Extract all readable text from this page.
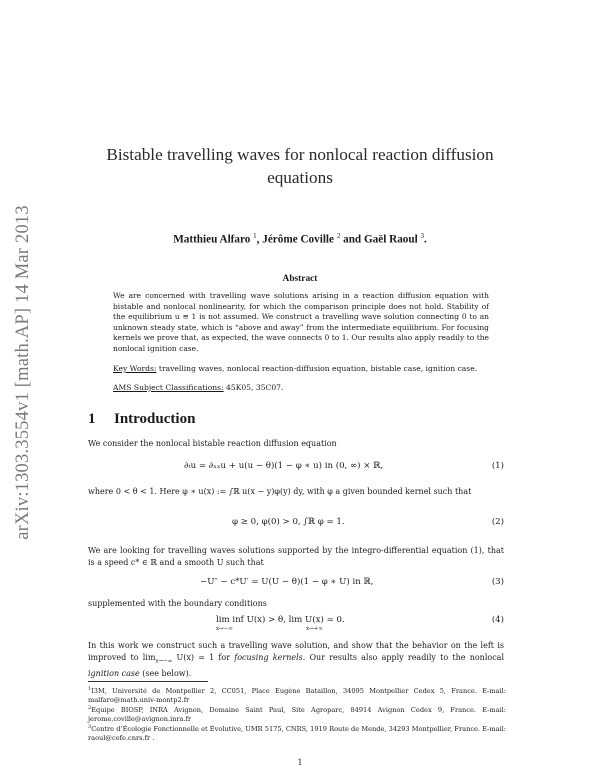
arXiv:1303.3554v1 [math.AP] 14 Mar 2013
Bistable travelling waves for nonlocal reaction diffusion equations
Matthieu Alfaro $^1$, Jérôme Coville $^2$ and Gaël Raoul $^3$.
Abstract
We are concerned with travelling wave solutions arising in a reaction diffusion equation with bistable and nonlocal nonlinearity, for which the comparison principle does not hold. Stability of the equilibrium u ≡ 1 is not assumed. We construct a travelling wave solution connecting 0 to an unknown steady state, which is “above and away” from the intermediate equilibrium. For focusing kernels we prove that, as expected, the wave connects 0 to 1. Our results also apply readily to the nonlocal ignition case.
Key Words: travelling waves, nonlocal reaction-diffusion equation, bistable case, ignition case.
AMS Subject Classifications: 45K05, 35C07.
1 Introduction
We consider the nonlocal bistable reaction diffusion equation
∂ₜu = ∂ₓₓu + u(u − θ)(1 − φ ∗ u) in (0, ∞) × ℝ,	(1)
where 0 < θ < 1. Here φ ∗ u(x) := ∫ℝ u(x − y)φ(y) dy, with φ a given bounded kernel such that
φ ≥ 0, φ(0) > 0, ∫ℝ φ = 1.	(2)
We are looking for travelling waves solutions supported by the integro-differential equation (1), that is a speed c* ∈ ℝ and a smooth U such that
−U″ − c*U′ = U(U − θ)(1 − φ ∗ U) in ℝ,	(3)
supplemented with the boundary conditions
lim inf U(x) > θ, lim U(x) = 0.
x→−∞	x→+∞
(4)
In this work we construct such a travelling wave solution, and show that the behavior on the left is improved to $\lim_{x\to-\infty} U(x) = 1$ for focusing kernels. Our results also apply readily to the nonlocal ignition case (see below).
$^1$I3M, Université de Montpellier 2, CC051, Place Eugène Bataillon, 34095 Montpellier Cedex 5, France. E-mail: malfaro@math.univ-montp2.fr
$^2$Equipe BIOSP, INRA Avignon, Domaine Saint Paul, Site Agroparc, 84914 Avignon Cedex 9, France. E-mail: jerome.coville@avignon.inra.fr
$^3$Centre d’Écologie Fonctionnelle et Évolutive, UMR 5175, CNRS, 1919 Route de Mende, 34293 Montpellier, France. E-mail: raoul@cefe.cnrs.fr .
1
